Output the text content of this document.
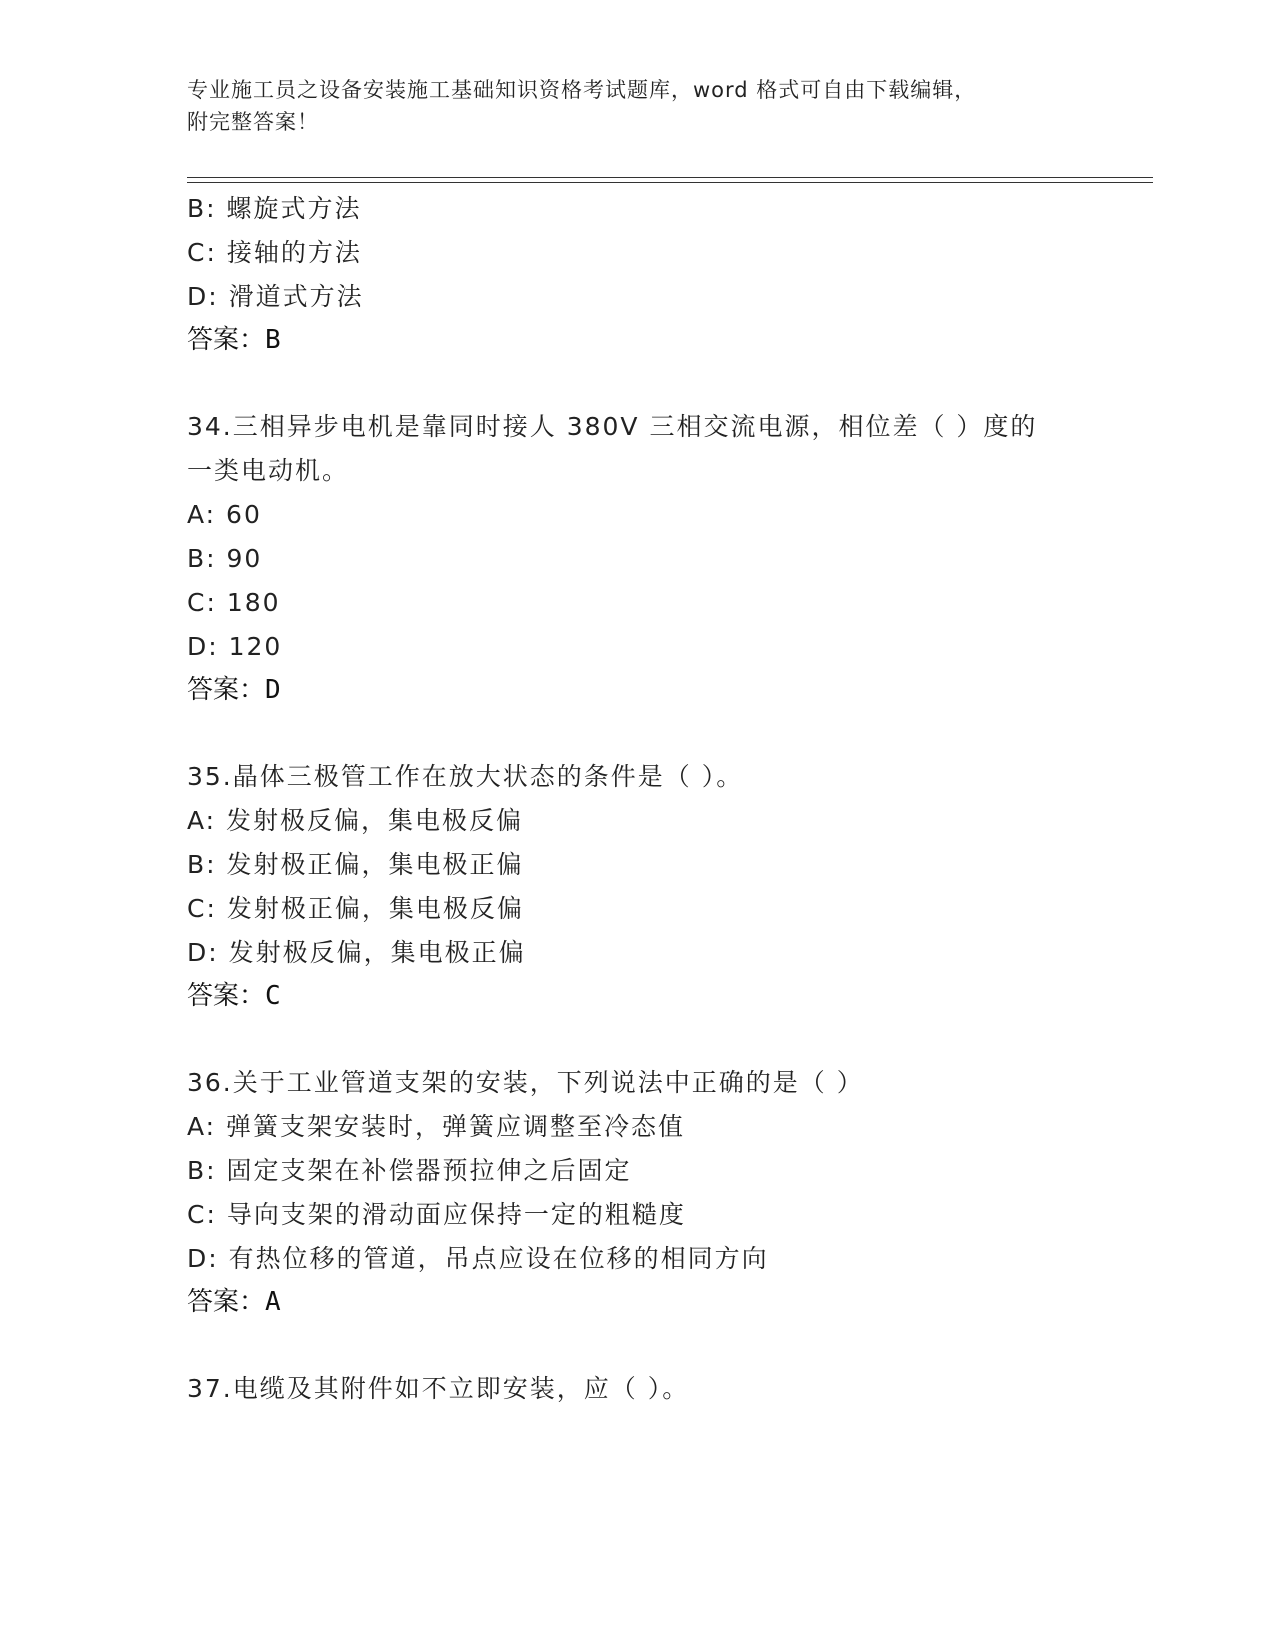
专业施工员之设备安装施工基础知识资格考试题库，word 格式可自由下载编辑，
附完整答案！
B: 螺旋式方法
C: 接轴的方法
D: 滑道式方法
答案：B
34.三相异步电机是靠同时接人 380V 三相交流电源，相位差（ ）度的
一类电动机。
A: 60
B: 90
C: 180
D: 120
答案：D
35.晶体三极管工作在放大状态的条件是（ ）。
A: 发射极反偏，集电极反偏
B: 发射极正偏，集电极正偏
C: 发射极正偏，集电极反偏
D: 发射极反偏，集电极正偏
答案：C
36.关于工业管道支架的安装，下列说法中正确的是（ ）
A: 弹簧支架安装时，弹簧应调整至冷态值
B: 固定支架在补偿器预拉伸之后固定
C: 导向支架的滑动面应保持一定的粗糙度
D: 有热位移的管道，吊点应设在位移的相同方向
答案：A
37.电缆及其附件如不立即安装，应（ ）。
